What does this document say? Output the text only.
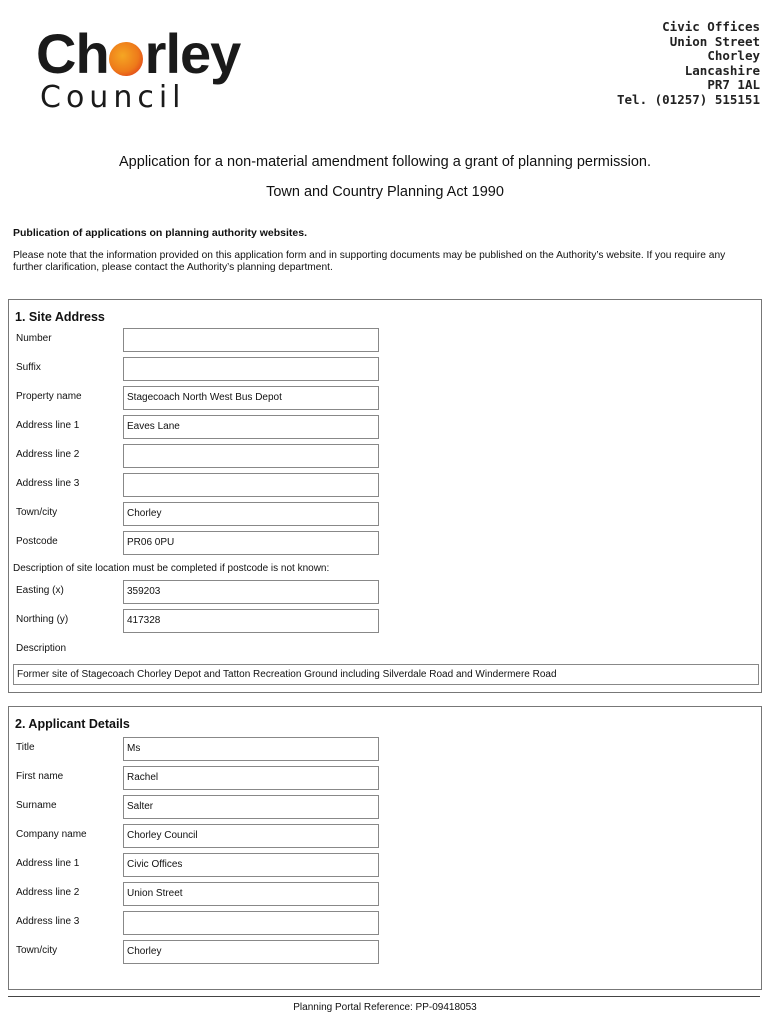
Ch rley
Council
Civic Offices
Union Street
Chorley
Lancashire
PR7 1AL
Tel. (01257) 515151
Application for a non-material amendment following a grant of planning permission.
Town and Country Planning Act 1990
Publication of applications on planning authority websites.
Please note that the information provided on this application form and in supporting documents may be published on the Authority’s website. If you require any further clarification, please contact the Authority’s planning department.
1. Site Address
Number
Suffix
Property name	Stagecoach North West Bus Depot
Address line 1	Eaves Lane
Address line 2
Address line 3
Town/city	Chorley
Postcode	PR06 0PU
Description of site location must be completed if postcode is not known:
Easting (x)	359203
Northing (y)	417328
Description
Former site of Stagecoach Chorley Depot and Tatton Recreation Ground including Silverdale Road and Windermere Road
2. Applicant Details
Title	Ms
First name	Rachel
Surname	Salter
Company name	Chorley Council
Address line 1	Civic Offices
Address line 2	Union Street
Address line 3
Town/city	Chorley
Planning Portal Reference: PP-09418053
